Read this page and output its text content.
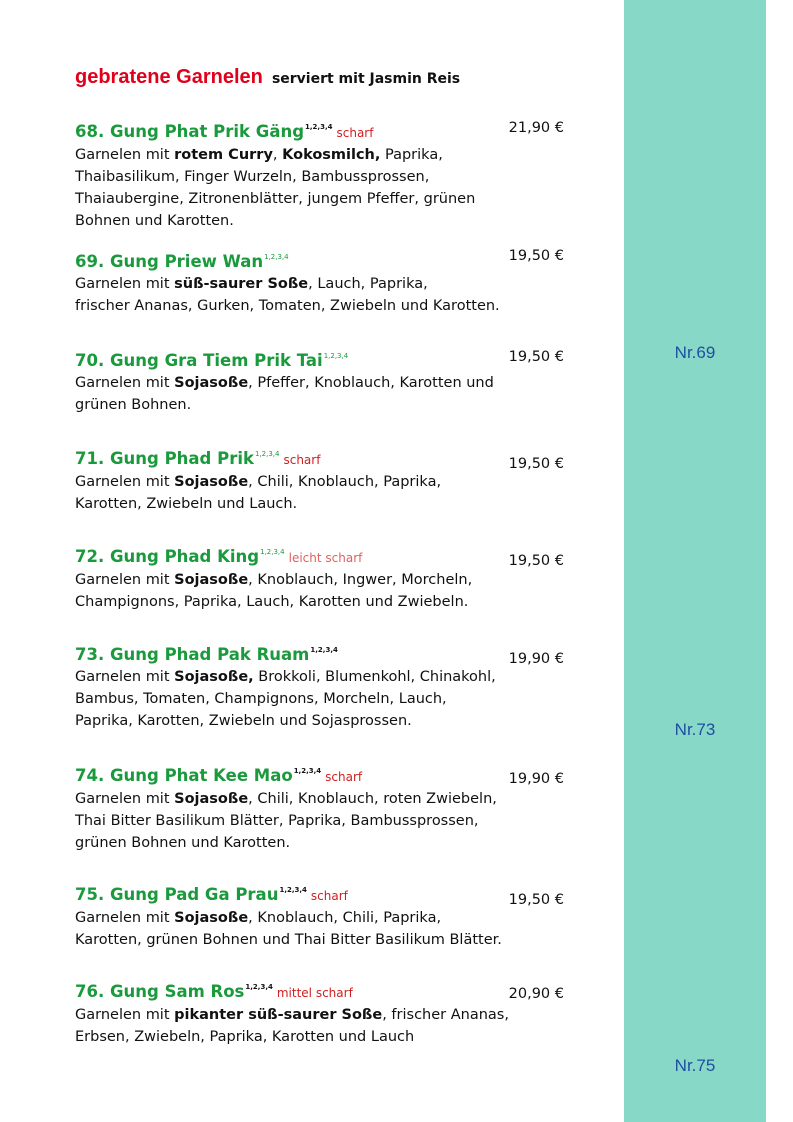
Nr.69
Nr.73
Nr.75
gebratene Garnelen serviert mit Jasmin Reis
68. Gung Phat Prik Gäng$^{1,2,3,4}$ scharf

Garnelen mit rotem Curry, Kokosmilch, Paprika,

Thaibasilikum, Finger Wurzeln, Bambussprossen,

Thaiaubergine, Zitronenblätter, jungem Pfeffer, grünen

Bohnen und Karotten.

21,90 €
69. Gung Priew Wan$^{1,2,3,4}$

Garnelen mit süß-saurer Soße, Lauch, Paprika,

frischer Ananas, Gurken, Tomaten, Zwiebeln und Karotten.

19,50 €
70. Gung Gra Tiem Prik Tai$^{1,2,3,4}$

Garnelen mit Sojasoße, Pfeffer, Knoblauch, Karotten und

grünen Bohnen.

19,50 €
71. Gung Phad Prik$^{1,2,3,4}$ scharf

Garnelen mit Sojasoße, Chili, Knoblauch, Paprika,

Karotten, Zwiebeln und Lauch.

19,50 €
72. Gung Phad King$^{1,2,3,4}$ leicht scharf

Garnelen mit Sojasoße, Knoblauch, Ingwer, Morcheln,

Champignons, Paprika, Lauch, Karotten und Zwiebeln.

19,50 €
73. Gung Phad Pak Ruam$^{1,2,3,4}$

Garnelen mit Sojasoße, Brokkoli, Blumenkohl, Chinakohl,

Bambus, Tomaten, Champignons, Morcheln, Lauch,

Paprika, Karotten, Zwiebeln und Sojasprossen.

19,90 €
74. Gung Phat Kee Mao$^{1,2,3,4}$ scharf

Garnelen mit Sojasoße, Chili, Knoblauch, roten Zwiebeln,

Thai Bitter Basilikum Blätter, Paprika, Bambussprossen,

grünen Bohnen und Karotten.

19,90 €
75. Gung Pad Ga Prau$^{1,2,3,4}$ scharf

Garnelen mit Sojasoße, Knoblauch, Chili, Paprika,

Karotten, grünen Bohnen und Thai Bitter Basilikum Blätter.

19,50 €
76. Gung Sam Ros$^{1,2,3,4}$ mittel scharf

Garnelen mit pikanter süß-saurer Soße, frischer Ananas,

Erbsen, Zwiebeln, Paprika, Karotten und Lauch

20,90 €
